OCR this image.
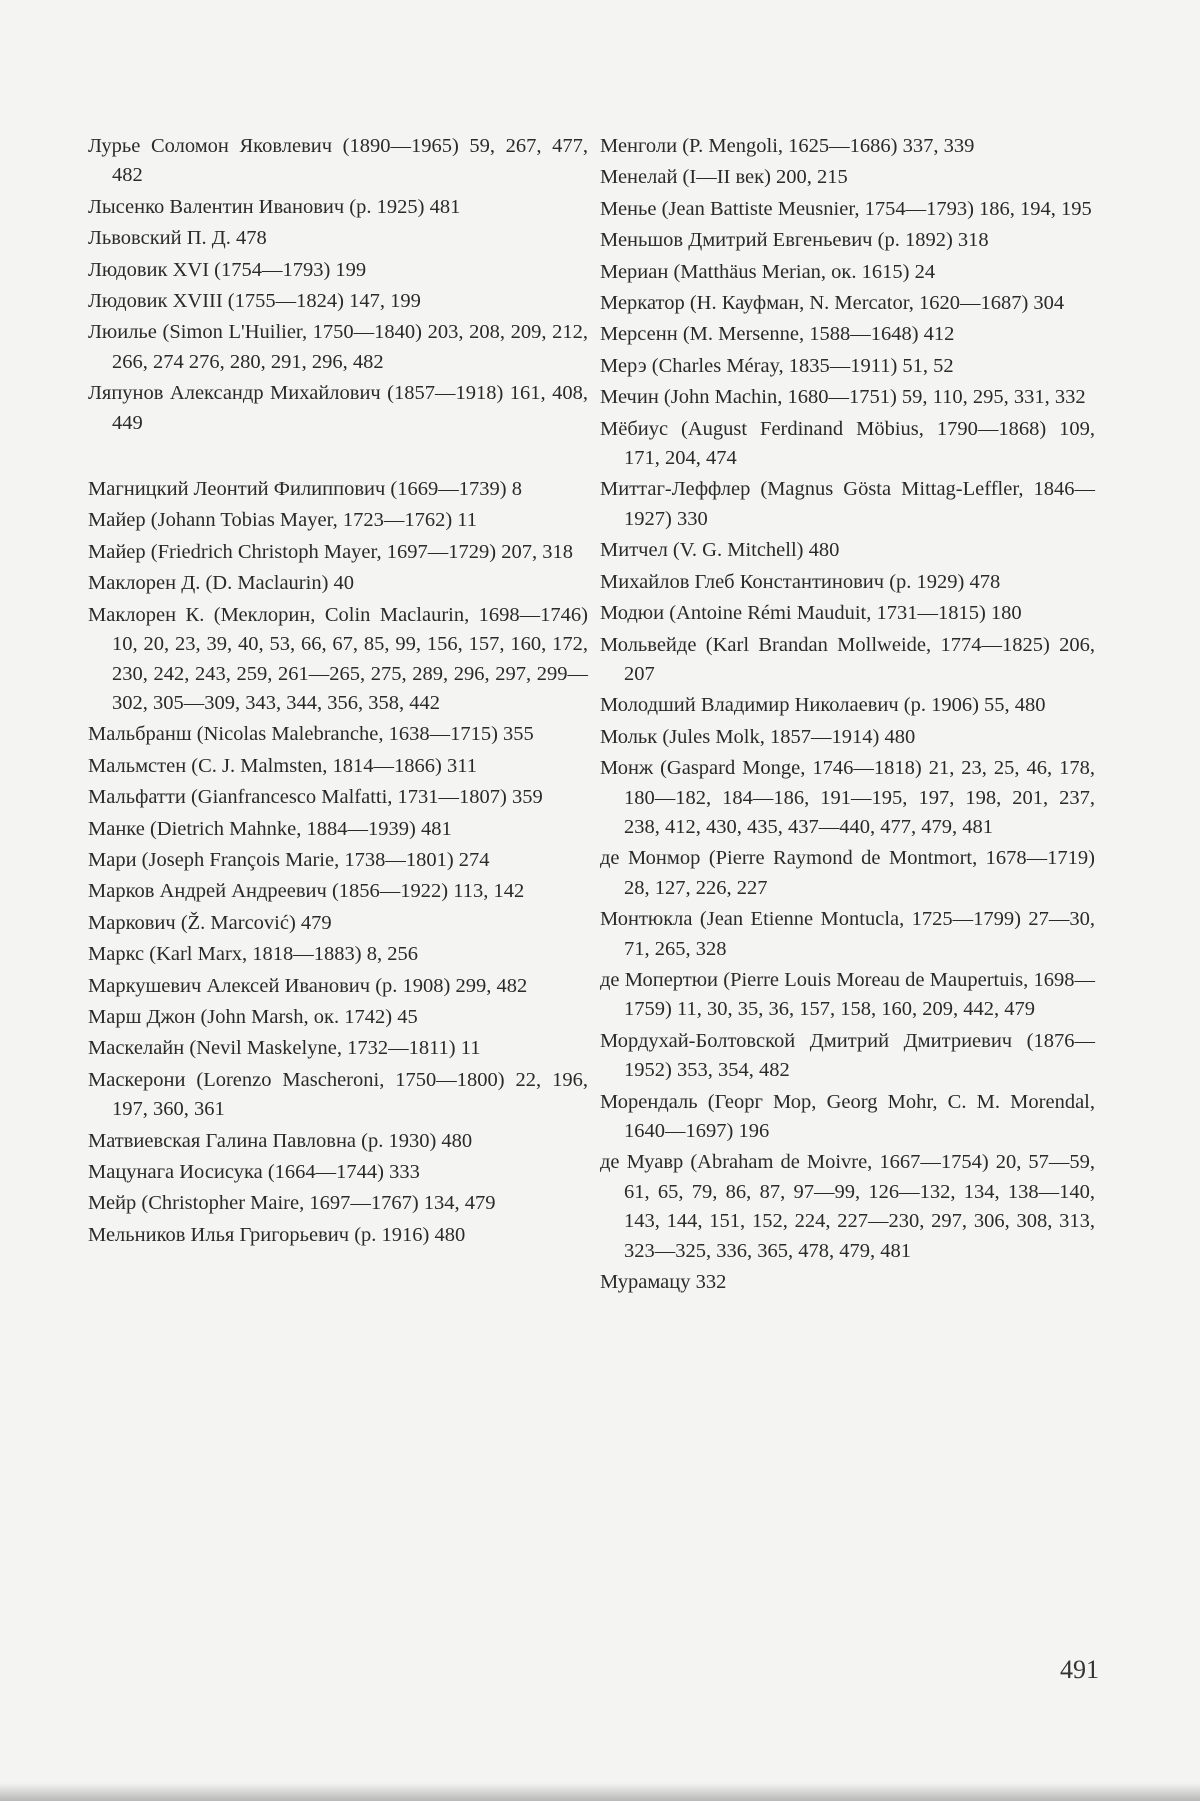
Лурье Соломон Яковлевич (1890—1965) 59, 267, 477, 482
Лысенко Валентин Иванович (р. 1925) 481
Львовский П. Д. 478
Людовик XVI (1754—1793) 199
Людовик XVIII (1755—1824) 147, 199
Люилье (Simon L'Huilier, 1750—1840) 203, 208, 209, 212, 266, 274 276, 280, 291, 296, 482
Ляпунов Александр Михайлович (1857—1918) 161, 408, 449
Магницкий Леонтий Филиппович (1669—1739) 8
Майер (Johann Tobias Mayer, 1723—1762) 11
Майер (Friedrich Christoph Mayer, 1697—1729) 207, 318
Маклорен Д. (D. Maclaurin) 40
Маклорен К. (Меклорин, Colin Maclaurin, 1698—1746) 10, 20, 23, 39, 40, 53, 66, 67, 85, 99, 156, 157, 160, 172, 230, 242, 243, 259, 261—265, 275, 289, 296, 297, 299—302, 305—309, 343, 344, 356, 358, 442
Мальбранш (Nicolas Malebranche, 1638—1715) 355
Мальмстен (C. J. Malmsten, 1814—1866) 311
Мальфатти (Gianfrancesco Malfatti, 1731—1807) 359
Манке (Dietrich Mahnke, 1884—1939) 481
Мари (Joseph François Marie, 1738—1801) 274
Марков Андрей Андреевич (1856—1922) 113, 142
Маркович (Ž. Marcović) 479
Маркс (Karl Marx, 1818—1883) 8, 256
Маркушевич Алексей Иванович (р. 1908) 299, 482
Марш Джон (John Marsh, ок. 1742) 45
Маскелайн (Nevil Maskelyne, 1732—1811) 11
Маскерони (Lorenzo Mascheroni, 1750—1800) 22, 196, 197, 360, 361
Матвиевская Галина Павловна (р. 1930) 480
Мацунага Иосисука (1664—1744) 333
Мейр (Christopher Maire, 1697—1767) 134, 479
Мельников Илья Григорьевич (р. 1916) 480
Менголи (P. Mengoli, 1625—1686) 337, 339
Менелай (I—II век) 200, 215
Менье (Jean Battiste Meusnier, 1754—1793) 186, 194, 195
Меньшов Дмитрий Евгеньевич (р. 1892) 318
Мериан (Matthäus Merian, ок. 1615) 24
Меркатор (Н. Кауфман, N. Mercator, 1620—1687) 304
Мерсенн (M. Mersenne, 1588—1648) 412
Мерэ (Charles Méray, 1835—1911) 51, 52
Мечин (John Machin, 1680—1751) 59, 110, 295, 331, 332
Мёбиус (August Ferdinand Möbius, 1790—1868) 109, 171, 204, 474
Миттаг-Леффлер (Magnus Gösta Mittag-Leffler, 1846—1927) 330
Митчел (V. G. Mitchell) 480
Михайлов Глеб Константинович (р. 1929) 478
Модюи (Antoine Rémi Mauduit, 1731—1815) 180
Мольвейде (Karl Brandan Mollweide, 1774—1825) 206, 207
Молодший Владимир Николаевич (р. 1906) 55, 480
Мольк (Jules Molk, 1857—1914) 480
Монж (Gaspard Monge, 1746—1818) 21, 23, 25, 46, 178, 180—182, 184—186, 191—195, 197, 198, 201, 237, 238, 412, 430, 435, 437—440, 477, 479, 481
де Монмор (Pierre Raymond de Montmort, 1678—1719) 28, 127, 226, 227
Монтюкла (Jean Etienne Montucla, 1725—1799) 27—30, 71, 265, 328
де Мопертюи (Pierre Louis Moreau de Maupertuis, 1698—1759) 11, 30, 35, 36, 157, 158, 160, 209, 442, 479
Мордухай-Болтовской Дмитрий Дмитриевич (1876—1952) 353, 354, 482
Морендаль (Георг Мор, Georg Mohr, C. M. Morendal, 1640—1697) 196
де Муавр (Abraham de Moivre, 1667—1754) 20, 57—59, 61, 65, 79, 86, 87, 97—99, 126—132, 134, 138—140, 143, 144, 151, 152, 224, 227—230, 297, 306, 308, 313, 323—325, 336, 365, 478, 479, 481
Мурамацу 332
491
